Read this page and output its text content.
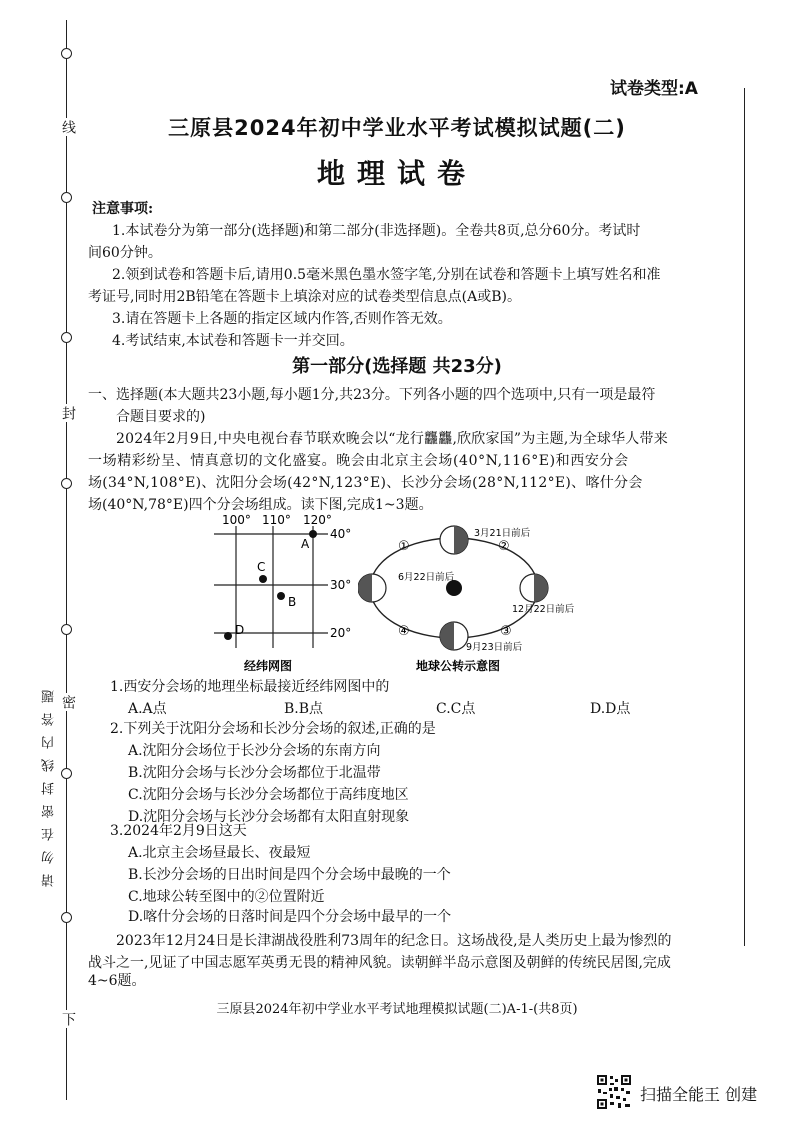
线
封
密
请勿在密封线内答题
下
试卷类型:A
三原县2024年初中学业水平考试模拟试题(二)
地理试卷
注意事项:
1.本试卷分为第一部分(选择题)和第二部分(非选择题)。全卷共8页,总分60分。考试时
间60分钟。
2.领到试卷和答题卡后,请用0.5毫米黑色墨水签字笔,分别在试卷和答题卡上填写姓名和准
考证号,同时用2B铅笔在答题卡上填涂对应的试卷类型信息点(A或B)。
3.请在答题卡上各题的指定区域内作答,否则作答无效。
4.考试结束,本试卷和答题卡一并交回。
第一部分(选择题 共23分)
一、选择题(本大题共23小题,每小题1分,共23分。下列各小题的四个选项中,只有一项是最符
合题目要求的)
2024年2月9日,中央电视台春节联欢晚会以“龙行龘龘,欣欣家国”为主题,为全球华人带来
一场精彩纷呈、情真意切的文化盛宴。晚会由北京主会场(40°N,116°E)和西安分会
场(34°N,108°E)、沈阳分会场(42°N,123°E)、长沙分会场(28°N,112°E)、喀什分会
场(40°N,78°E)四个分会场组成。读下图,完成1~3题。
100° 110° 120°
40°
30°
20°
A
B
C
D
经纬网图
3月21日前后
6月22日前后
12月22日前后
9月23日前后
①	②
③
④
地球公转示意图
1.西安分会场的地理坐标最接近经纬网图中的
A.A点	B.B点	C.C点	D.D点
2.下列关于沈阳分会场和长沙分会场的叙述,正确的是
A.沈阳分会场位于长沙分会场的东南方向
B.沈阳分会场与长沙分会场都位于北温带
C.沈阳分会场与长沙分会场都位于高纬度地区
D.沈阳分会场与长沙分会场都有太阳直射现象
3.2024年2月9日这天
A.北京主会场昼最长、夜最短
B.长沙分会场的日出时间是四个分会场中最晚的一个
C.地球公转至图中的②位置附近
D.喀什分会场的日落时间是四个分会场中最早的一个
2023年12月24日是长津湖战役胜利73周年的纪念日。这场战役,是人类历史上最为惨烈的
战斗之一,见证了中国志愿军英勇无畏的精神风貌。读朝鲜半岛示意图及朝鲜的传统民居图,完成
4~6题。
三原县2024年初中学业水平考试地理模拟试题(二)A-1-(共8页)
扫描全能王 创建
